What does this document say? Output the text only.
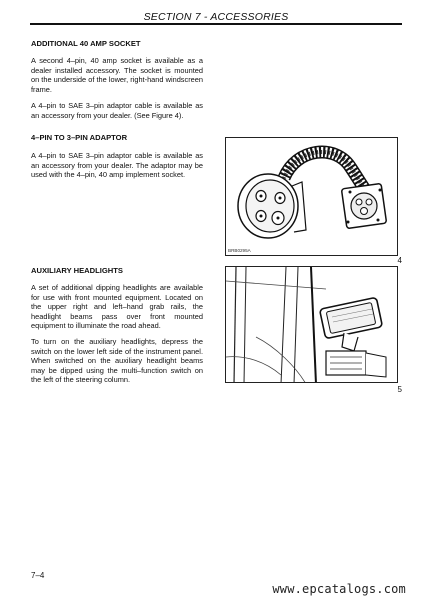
SECTION 7 - ACCESSORIES
ADDITIONAL 40 AMP SOCKET

A second 4–pin, 40 amp socket is available as a dealer installed accessory. The socket is mounted on the underside of the lower, right-hand windscreen frame.

A 4–pin to SAE 3–pin adaptor cable is available as an accessory from your dealer. (See Figure 4).

4–PIN TO 3–PIN ADAPTOR

A 4–pin to SAE 3–pin adaptor cable is available as an accessory from your dealer. The adaptor may be used with the 4–pin, 40 amp implement socket.

AUXILIARY HEADLIGHTS

A set of additional dipping headlights are available for use with front mounted equipment. Located on the upper right and left–hand grab rails, the headlight beams pass over front mounted equipment to illuminate the road ahead.

To turn on the auxiliary headlights, depress the switch on the lower left side of the instrument panel. When switched on the auxiliary headlight beams may be dipped using the multi–function switch on the left of the steering column.

BRB0295A
4
5
7–4
www.epcatalogs.com
